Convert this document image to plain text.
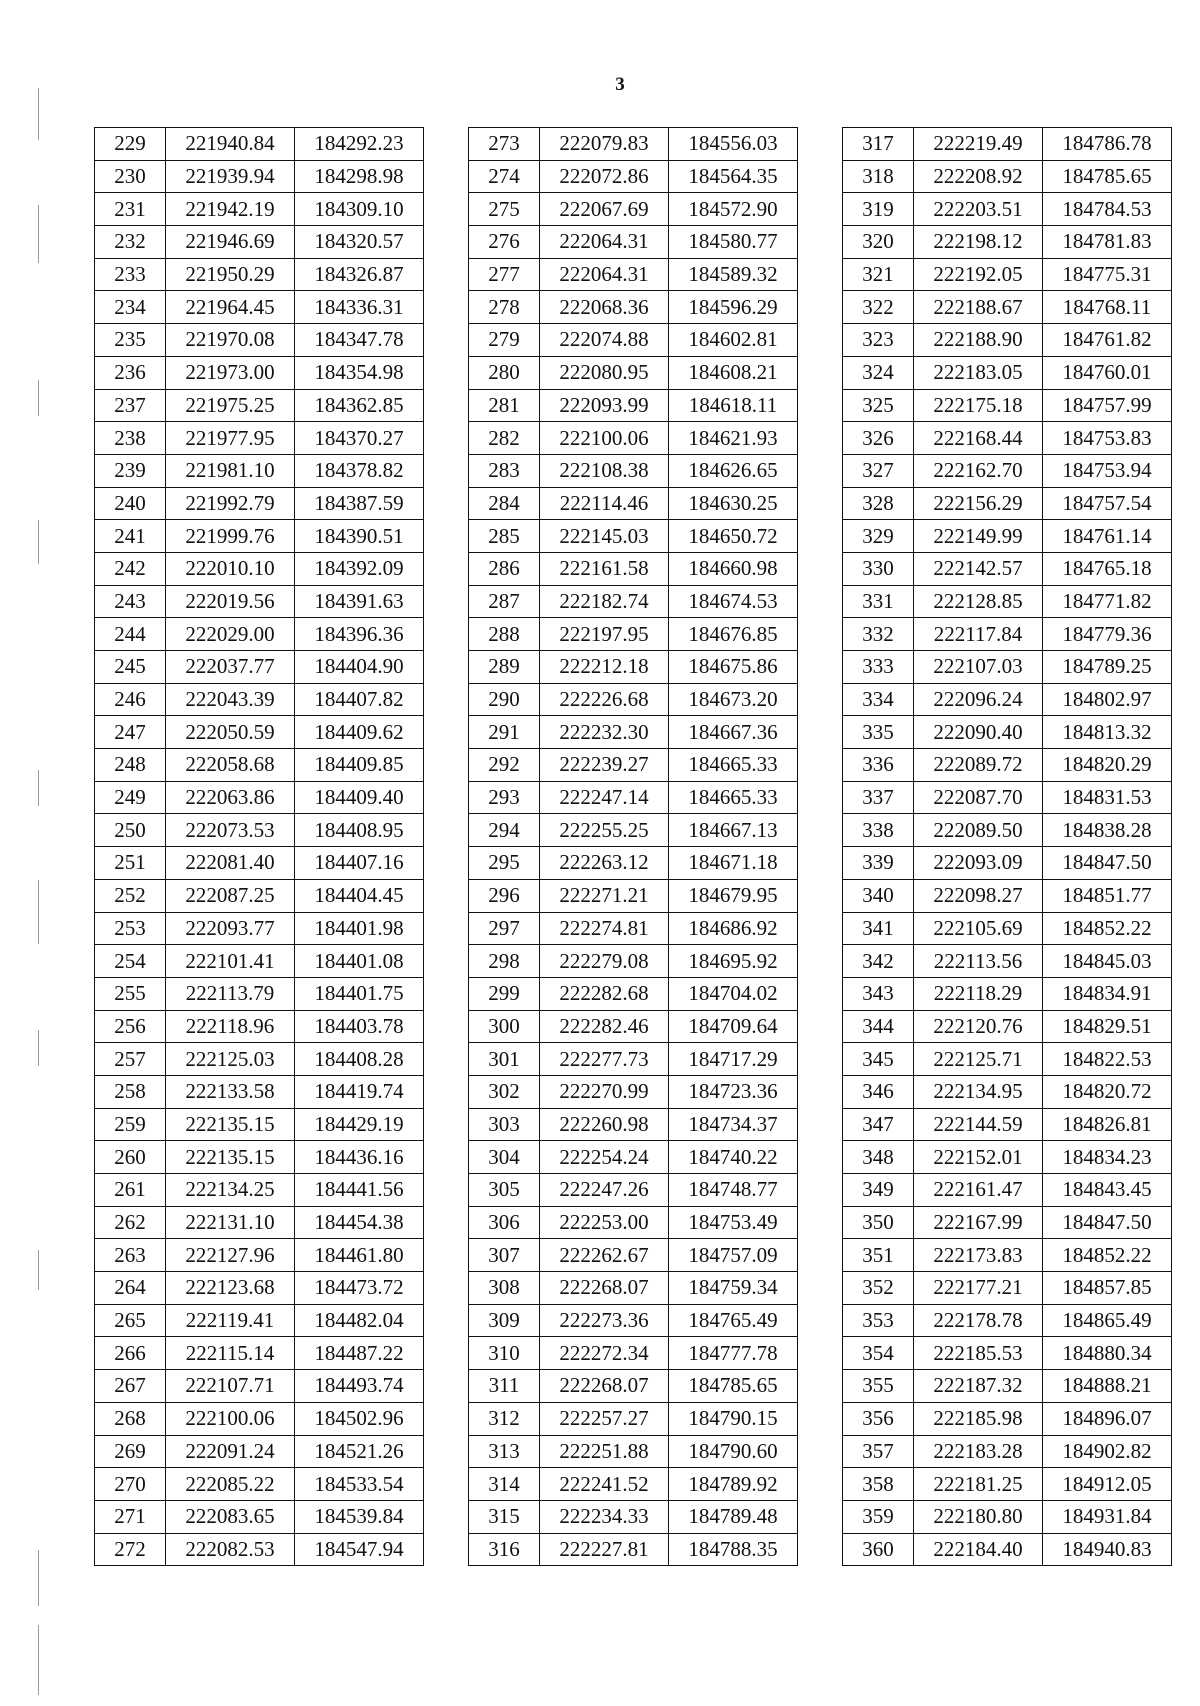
3
229	221940.84	184292.23
230	221939.94	184298.98
231	221942.19	184309.10
232	221946.69	184320.57
233	221950.29	184326.87
234	221964.45	184336.31
235	221970.08	184347.78
236	221973.00	184354.98
237	221975.25	184362.85
238	221977.95	184370.27
239	221981.10	184378.82
240	221992.79	184387.59
241	221999.76	184390.51
242	222010.10	184392.09
243	222019.56	184391.63
244	222029.00	184396.36
245	222037.77	184404.90
246	222043.39	184407.82
247	222050.59	184409.62
248	222058.68	184409.85
249	222063.86	184409.40
250	222073.53	184408.95
251	222081.40	184407.16
252	222087.25	184404.45
253	222093.77	184401.98
254	222101.41	184401.08
255	222113.79	184401.75
256	222118.96	184403.78
257	222125.03	184408.28
258	222133.58	184419.74
259	222135.15	184429.19
260	222135.15	184436.16
261	222134.25	184441.56
262	222131.10	184454.38
263	222127.96	184461.80
264	222123.68	184473.72
265	222119.41	184482.04
266	222115.14	184487.22
267	222107.71	184493.74
268	222100.06	184502.96
269	222091.24	184521.26
270	222085.22	184533.54
271	222083.65	184539.84
272	222082.53	184547.94
273	222079.83	184556.03
274	222072.86	184564.35
275	222067.69	184572.90
276	222064.31	184580.77
277	222064.31	184589.32
278	222068.36	184596.29
279	222074.88	184602.81
280	222080.95	184608.21
281	222093.99	184618.11
282	222100.06	184621.93
283	222108.38	184626.65
284	222114.46	184630.25
285	222145.03	184650.72
286	222161.58	184660.98
287	222182.74	184674.53
288	222197.95	184676.85
289	222212.18	184675.86
290	222226.68	184673.20
291	222232.30	184667.36
292	222239.27	184665.33
293	222247.14	184665.33
294	222255.25	184667.13
295	222263.12	184671.18
296	222271.21	184679.95
297	222274.81	184686.92
298	222279.08	184695.92
299	222282.68	184704.02
300	222282.46	184709.64
301	222277.73	184717.29
302	222270.99	184723.36
303	222260.98	184734.37
304	222254.24	184740.22
305	222247.26	184748.77
306	222253.00	184753.49
307	222262.67	184757.09
308	222268.07	184759.34
309	222273.36	184765.49
310	222272.34	184777.78
311	222268.07	184785.65
312	222257.27	184790.15
313	222251.88	184790.60
314	222241.52	184789.92
315	222234.33	184789.48
316	222227.81	184788.35
317	222219.49	184786.78
318	222208.92	184785.65
319	222203.51	184784.53
320	222198.12	184781.83
321	222192.05	184775.31
322	222188.67	184768.11
323	222188.90	184761.82
324	222183.05	184760.01
325	222175.18	184757.99
326	222168.44	184753.83
327	222162.70	184753.94
328	222156.29	184757.54
329	222149.99	184761.14
330	222142.57	184765.18
331	222128.85	184771.82
332	222117.84	184779.36
333	222107.03	184789.25
334	222096.24	184802.97
335	222090.40	184813.32
336	222089.72	184820.29
337	222087.70	184831.53
338	222089.50	184838.28
339	222093.09	184847.50
340	222098.27	184851.77
341	222105.69	184852.22
342	222113.56	184845.03
343	222118.29	184834.91
344	222120.76	184829.51
345	222125.71	184822.53
346	222134.95	184820.72
347	222144.59	184826.81
348	222152.01	184834.23
349	222161.47	184843.45
350	222167.99	184847.50
351	222173.83	184852.22
352	222177.21	184857.85
353	222178.78	184865.49
354	222185.53	184880.34
355	222187.32	184888.21
356	222185.98	184896.07
357	222183.28	184902.82
358	222181.25	184912.05
359	222180.80	184931.84
360	222184.40	184940.83
